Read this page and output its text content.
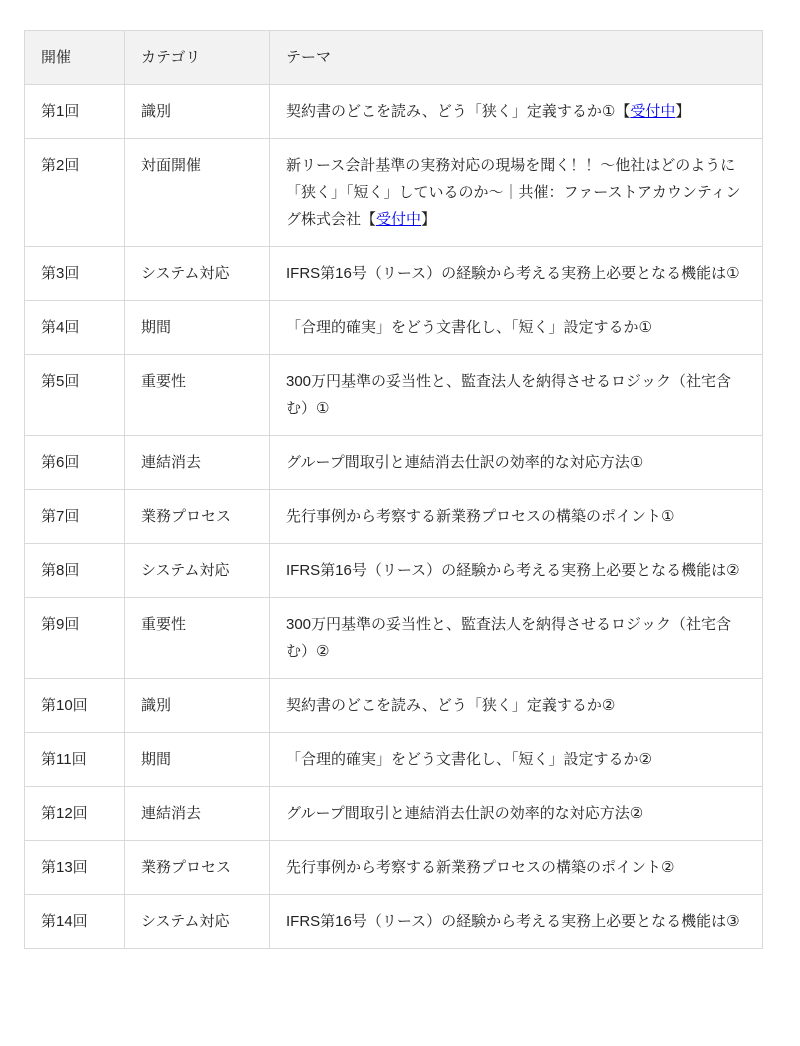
開催	カテゴリ	テーマ
第1回	識別	契約書のどこを読み、どう「狭く」定義するか①【受付中】
第2回	対面開催	新リース会計基準の実務対応の現場を聞く！！〜他社はどのように「狭く」「短く」しているのか〜｜共催：ファーストアカウンティング株式会社【受付中】
第3回	システム対応	IFRS第16号（リース）の経験から考える実務上必要となる機能は①
第4回	期間	「合理的確実」をどう文書化し、「短く」設定するか①
第5回	重要性	300万円基準の妥当性と、監査法人を納得させるロジック（社宅含む）①
第6回	連結消去	グループ間取引と連結消去仕訳の効率的な対応方法①
第7回	業務プロセス	先行事例から考察する新業務プロセスの構築のポイント①
第8回	システム対応	IFRS第16号（リース）の経験から考える実務上必要となる機能は②
第9回	重要性	300万円基準の妥当性と、監査法人を納得させるロジック（社宅含む）②
第10回	識別	契約書のどこを読み、どう「狭く」定義するか②
第11回	期間	「合理的確実」をどう文書化し、「短く」設定するか②
第12回	連結消去	グループ間取引と連結消去仕訳の効率的な対応方法②
第13回	業務プロセス	先行事例から考察する新業務プロセスの構築のポイント②
第14回	システム対応	IFRS第16号（リース）の経験から考える実務上必要となる機能は③
